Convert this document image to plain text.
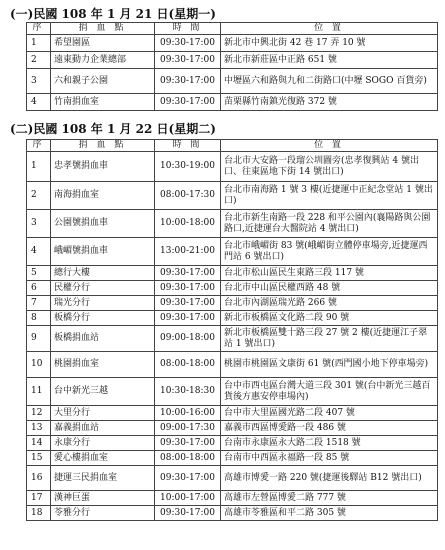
(一)民國 108 年 1 月 21 日(星期一)
序	捐 血 點	時 間	位 置
1	希望園區	09:30-17:00	新北市中興北街 42 巷 17 弄 10 號
2	遠東動力企業總部	09:30-17:00	新北市新莊區中正路 651 號
3	六和親子公園	09:30-17:00	中壢區六和路與九和二街路口(中壢 SOGO 百貨旁)
4	竹南捐血室	09:30-17:00	苗栗縣竹南鎮光復路 372 號
(二)民國 108 年 1 月 22 日(星期二)
序	捐 血 點	時 間	位 置
1	忠孝號捐血車	10:30-19:00	台北市大安路一段瑠公圳圖旁(忠孝復興站 4 號出口、往東區地下街 14 號出口)
2	南海捐血室	08:00-17:30	台北市南海路 1 號 3 樓(近捷運中正紀念堂站 1 號出口)
3	公園號捐血車	10:00-18:00	台北市新生南路一段 228 和平公園內(襄陽路與公園路口,近捷運台大醫院站 4 號出口)
4	峨嵋號捐血車	13:00-21:00	台北市峨嵋街 83 號(峨嵋街立體停車場旁,近捷運西門站 6 號出口)
5	總行大樓	09:30-17:00	台北市松山區民生東路三段 117 號
6	民權分行	09:30-17:00	台北市中山區民權西路 48 號
7	瑞光分行	09:30-17:00	台北市內湖區瑞光路 266 號
8	板橋分行	09:30-17:00	新北市板橋區文化路二段 90 號
9	板橋捐血站	09:00-18:00	新北市板橋區雙十路三段 27 號 2 樓(近捷運江子翠站 1 號出口)
10	桃園捐血室	08:00-18:00	桃園市桃園區文康街 61 號(西門國小地下停車場旁)
11	台中新光三越	10:30-18:30	台中市西屯區台灣大道三段 301 號(台中新光三越百貨後方惠安停車場內)
12	大里分行	10:00-16:00	台中市大里區國光路二段 407 號
13	嘉義捐血站	09:00-17:30	嘉義市西區博愛路一段 486 號
14	永康分行	09:30-17:00	台南市永康區永大路二段 1518 號
15	愛心樓捐血室	08:00-18:00	台南市中西區永福路一段 85 號
16	捷運三民捐血室	09:30-17:00	高雄市博愛一路 220 號(捷運後驛站 B12 號出口)
17	漢神巨蛋	10:00-17:00	高雄市左營區博愛二路 777 號
18	苓雅分行	09:30-17:00	高雄市苓雅區和平二路 305 號
